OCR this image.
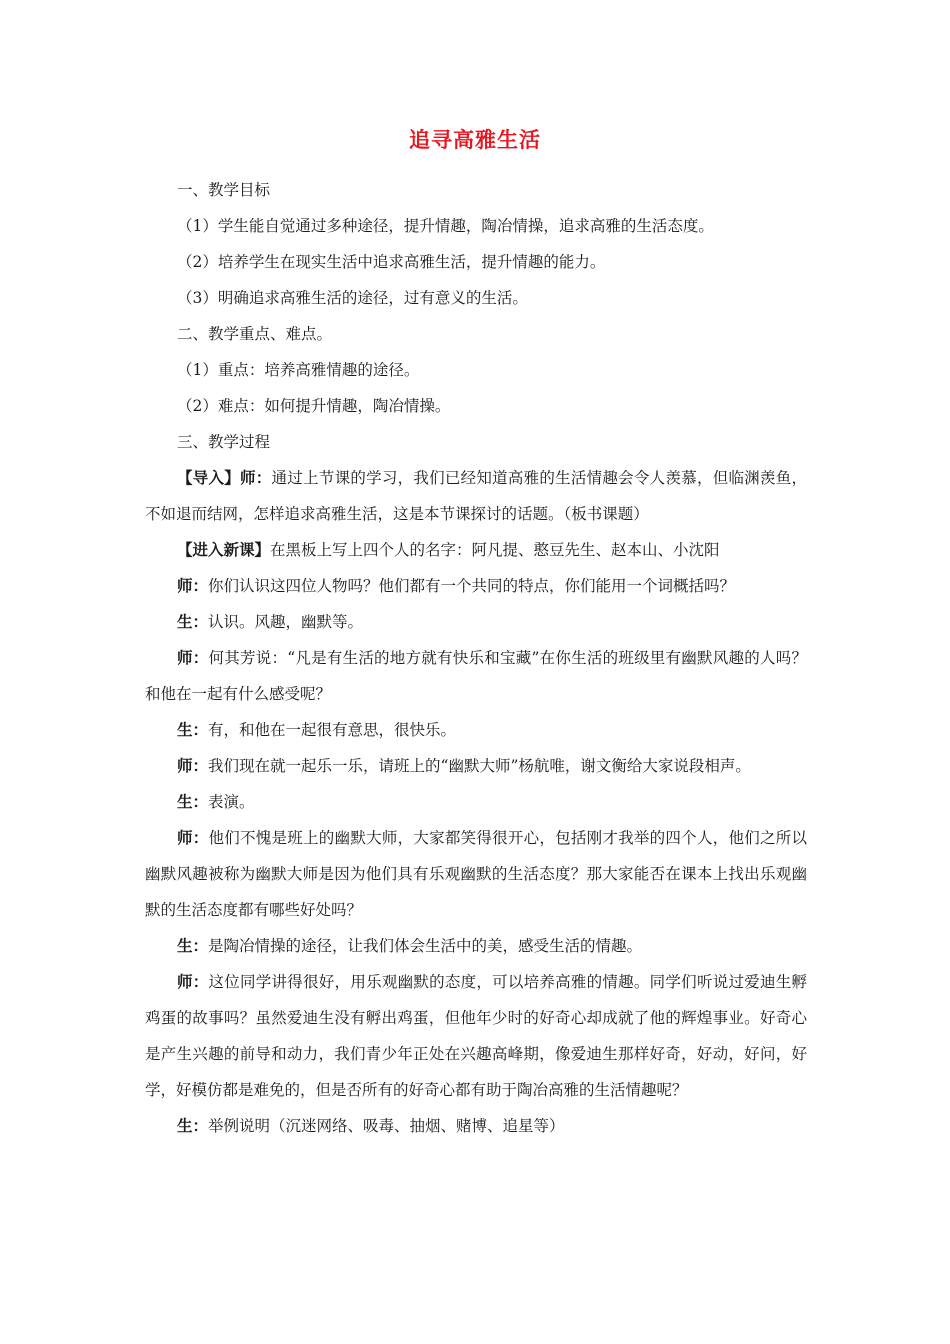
追寻高雅生活

一、教学目标

（1）学生能自觉通过多种途径，提升情趣，陶冶情操，追求高雅的生活态度。

（2）培养学生在现实生活中追求高雅生活，提升情趣的能力。

（3）明确追求高雅生活的途径，过有意义的生活。

二、教学重点、难点。

（1）重点：培养高雅情趣的途径。

（2）难点：如何提升情趣，陶冶情操。

三、教学过程

【导入】师：通过上节课的学习，我们已经知道高雅的生活情趣会令人羡慕，但临渊羡鱼，不如退而结网，怎样追求高雅生活，这是本节课探讨的话题。（板书课题）

【进入新课】在黑板上写上四个人的名字：阿凡提、憨豆先生、赵本山、小沈阳

师：你们认识这四位人物吗？他们都有一个共同的特点，你们能用一个词概括吗？

生：认识。风趣，幽默等。

师：何其芳说：“凡是有生活的地方就有快乐和宝藏”在你生活的班级里有幽默风趣的人吗？和他在一起有什么感受呢？

生：有，和他在一起很有意思，很快乐。

师：我们现在就一起乐一乐，请班上的“幽默大师”杨航唯，谢文衡给大家说段相声。

生：表演。

师：他们不愧是班上的幽默大师，大家都笑得很开心，包括刚才我举的四个人，他们之所以幽默风趣被称为幽默大师是因为他们具有乐观幽默的生活态度？那大家能否在课本上找出乐观幽默的生活态度都有哪些好处吗？

生：是陶冶情操的途径，让我们体会生活中的美，感受生活的情趣。

师：这位同学讲得很好，用乐观幽默的态度，可以培养高雅的情趣。同学们听说过爱迪生孵鸡蛋的故事吗？虽然爱迪生没有孵出鸡蛋，但他年少时的好奇心却成就了他的辉煌事业。好奇心是产生兴趣的前导和动力，我们青少年正处在兴趣高峰期，像爱迪生那样好奇，好动，好问，好学，好模仿都是难免的，但是否所有的好奇心都有助于陶冶高雅的生活情趣呢？

生：举例说明（沉迷网络、吸毒、抽烟、赌博、追星等）
